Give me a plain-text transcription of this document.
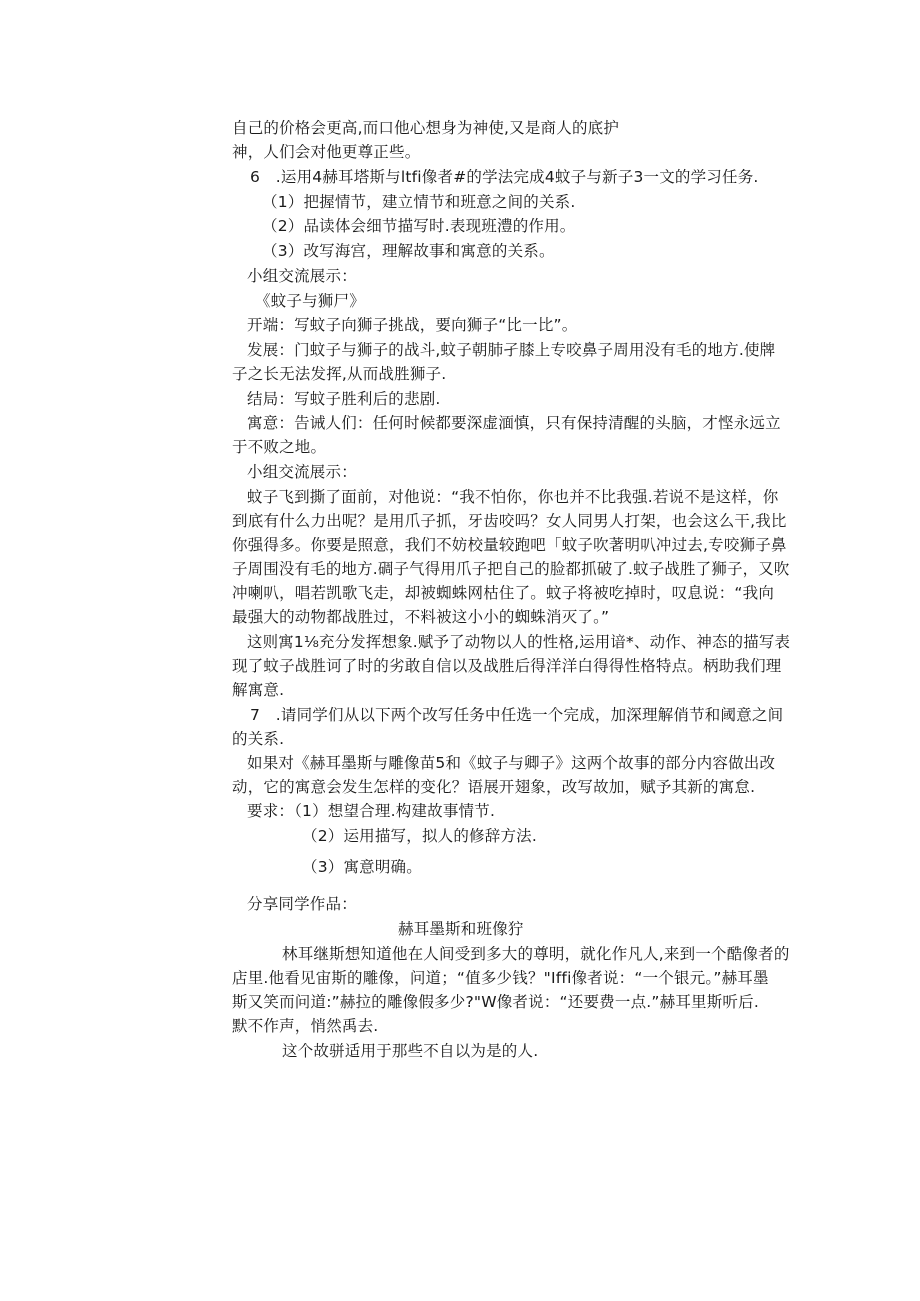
自己的价格会更高,而口他心想身为神使,又是商人的底护
神，人们会对他更尊正些。
6　.运用4赫耳塔斯与ltfi像者#的学法完成4蚊子与新子3一文的学习任务.
（1）把握情节，建立情节和班意之间的关系.
（2）品读体会细节描写时.表现班澧的作用。
（3）改写海宫，理解故事和寓意的关系。
小组交流展示：
《蚊子与狮尸》
开端：写蚊子向狮子挑战，要向狮子“比一比”。
发展：门蚊子与狮子的战斗,蚊子朝肺孑膝上专咬鼻子周用没有毛的地方.使牌
子之长无法发挥,从而战胜狮子.
结局：写蚊子胜利后的悲剧.
寓意：告诫人们：任何时候都要深虚湎慎，只有保持清醒的头脑，才悭永远立
于不败之地。
小组交流展示：
蚊子飞到撕了面前，对他说：“我不怕你，你也并不比我强.若说不是这样，你
到底有什么力出呢？是用爪子抓，牙齿咬吗？女人同男人打架，也会这么干,我比
你强得多。你要是照意，我们不妨校量较跑吧「蚊子吹著明叭冲过去,专咬狮子鼻
子周围没有毛的地方.碉子气得用爪子把自己的脸都抓破了.蚊子战胜了狮子，又吹
冲喇叭，唱若凯歌飞走，却被蜘蛛网枯住了。蚊子将被吃掉时，叹息说：“我向
最强大的动物都战胜过，不料被这小小的蜘蛛消灭了。”
这则寓1⅛充分发挥想象.赋予了动物以人的性格,运用谙*、动作、神态的描写表
现了蚊子战胜诃了时的劣敢自信以及战胜后得洋洋白得得性格特点。柄助我们理
解寓意.
7　.请同学们从以下两个改写任务中任选一个完成，加深理解俏节和阈意之间
的关系.
如果对《赫耳墨斯与雕像苗5和《蚊子与卿子》这两个故事的部分内容做出改
动，它的寓意会发生怎样的变化？语展开翅象，改写故加，赋予其新的寓怠.
要求：（1）想望合理.构建故事情节.
（2）运用描写，拟人的修辞方法.
（3）寓意明确。
分享同学作品：
赫耳墨斯和班像狞
林耳继斯想知道他在人间受到多大的尊明，就化作凡人,来到一个酷像者的
店里.他看见宙斯的雕像，问道；“值多少钱？"Iffi像者说：“一个银元。”赫耳墨
斯又笑而问道:”赫拉的雕像假多少?"W像者说：“还要费一点.”赫耳里斯听后.
默不作声，悄然禹去.
这个故骈适用于那些不自以为是的人.
